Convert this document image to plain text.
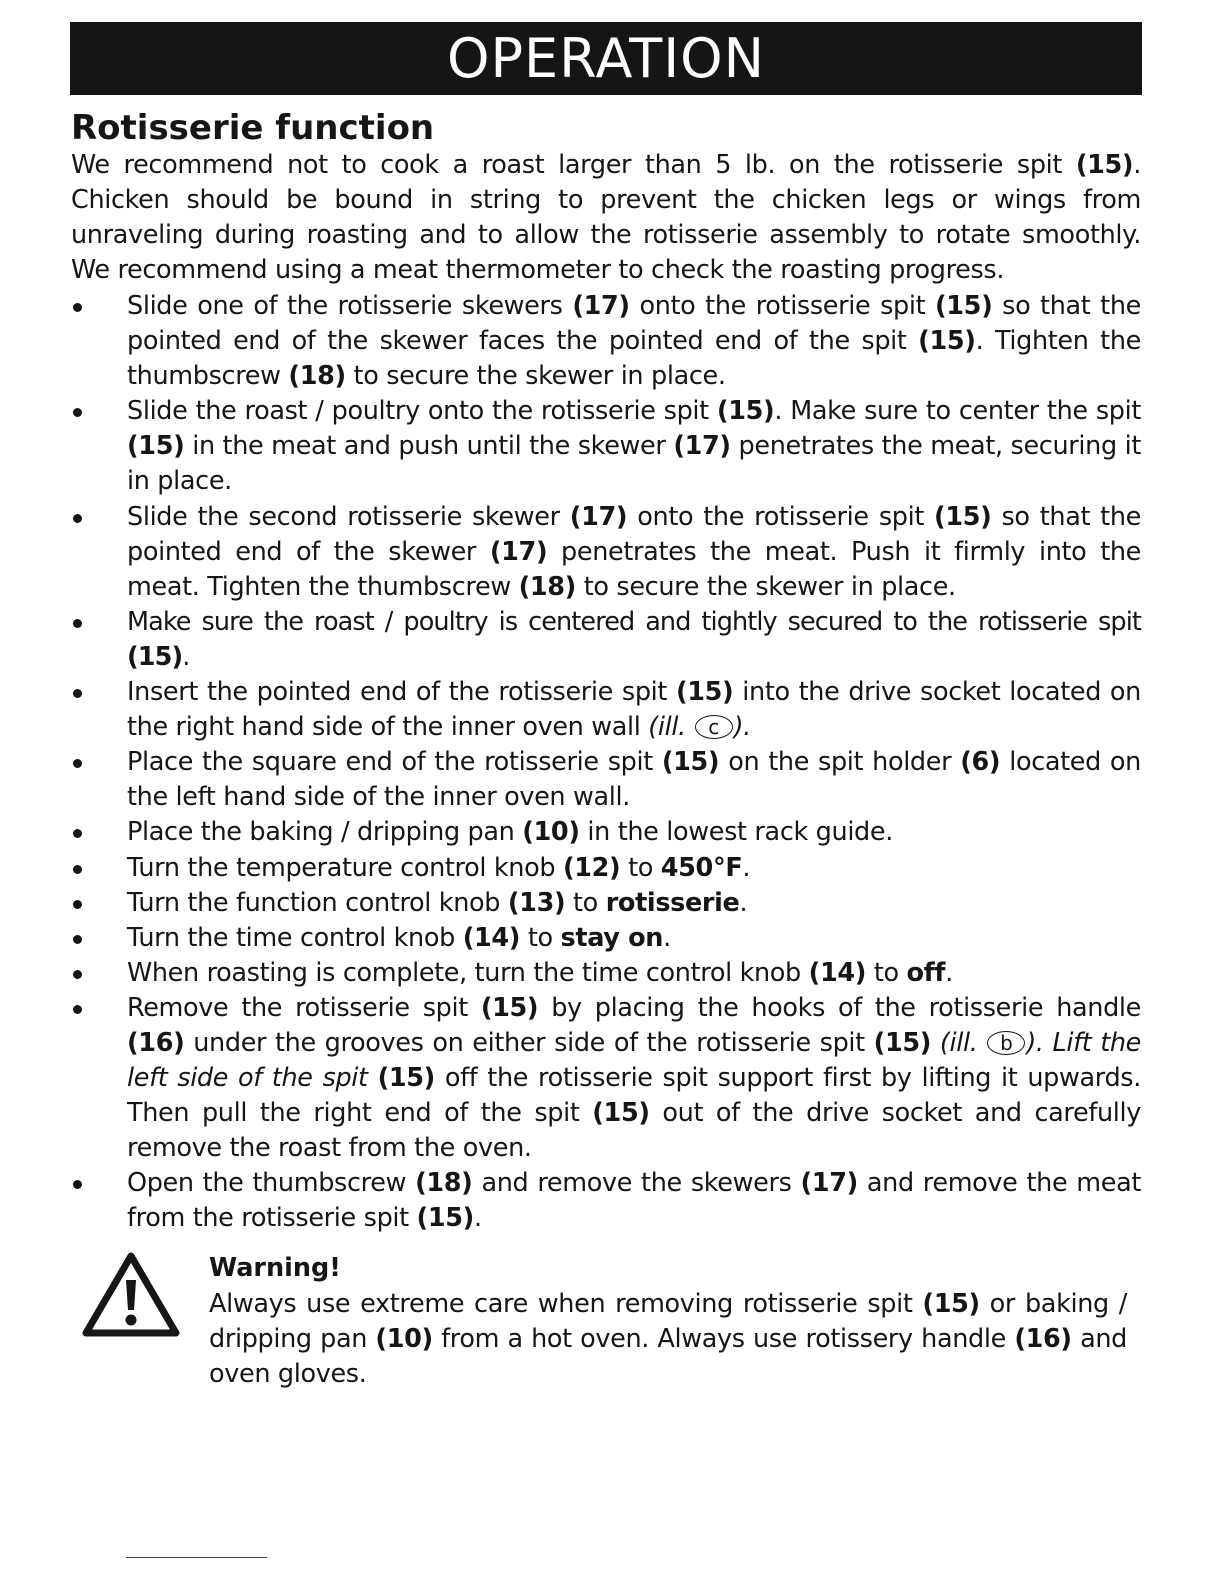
OPERATION
Rotisserie function
We recommend not to cook a roast larger than 5 lb. on the rotisserie spit (15). Chicken should be bound in string to prevent the chicken legs or wings from unraveling during roasting and to allow the rotisserie assembly to rotate smoothly. We recommend using a meat thermometer to check the roasting progress.
Slide one of the rotisserie skewers (17) onto the rotisserie spit (15) so that the pointed end of the skewer faces the pointed end of the spit (15). Tighten the thumbscrew (18) to secure the skewer in place.
Slide the roast / poultry onto the rotisserie spit (15). Make sure to center the spit (15) in the meat and push until the skewer (17) penetrates the meat, securing it in place.
Slide the second rotisserie skewer (17) onto the rotisserie spit (15) so that the pointed end of the skewer (17) penetrates the meat. Push it firmly into the meat. Tighten the thumbscrew (18) to secure the skewer in place.
Make sure the roast / poultry is centered and tightly secured to the rotisserie spit (15).
Insert the pointed end of the rotisserie spit (15) into the drive socket located on the right hand side of the inner oven wall (ill. c ).
Place the square end of the rotisserie spit (15) on the spit holder (6) located on the left hand side of the inner oven wall.
Place the baking / dripping pan (10) in the lowest rack guide.
Turn the temperature control knob (12) to 450°F.
Turn the function control knob (13) to rotisserie.
Turn the time control knob (14) to stay on.
When roasting is complete, turn the time control knob (14) to off.
Remove the rotisserie spit (15) by placing the hooks of the rotisserie handle (16) under the grooves on either side of the rotisserie spit (15) (ill. b ). Lift the left side of the spit (15) off the rotisserie spit support first by lifting it upwards. Then pull the right end of the spit (15) out of the drive socket and carefully remove the roast from the oven.
Open the thumbscrew (18) and remove the skewers (17) and remove the meat from the rotisserie spit (15).
Warning!
Always use extreme care when removing rotisserie spit (15) or baking / dripping pan (10) from a hot oven. Always use rotissery handle (16) and oven gloves.
